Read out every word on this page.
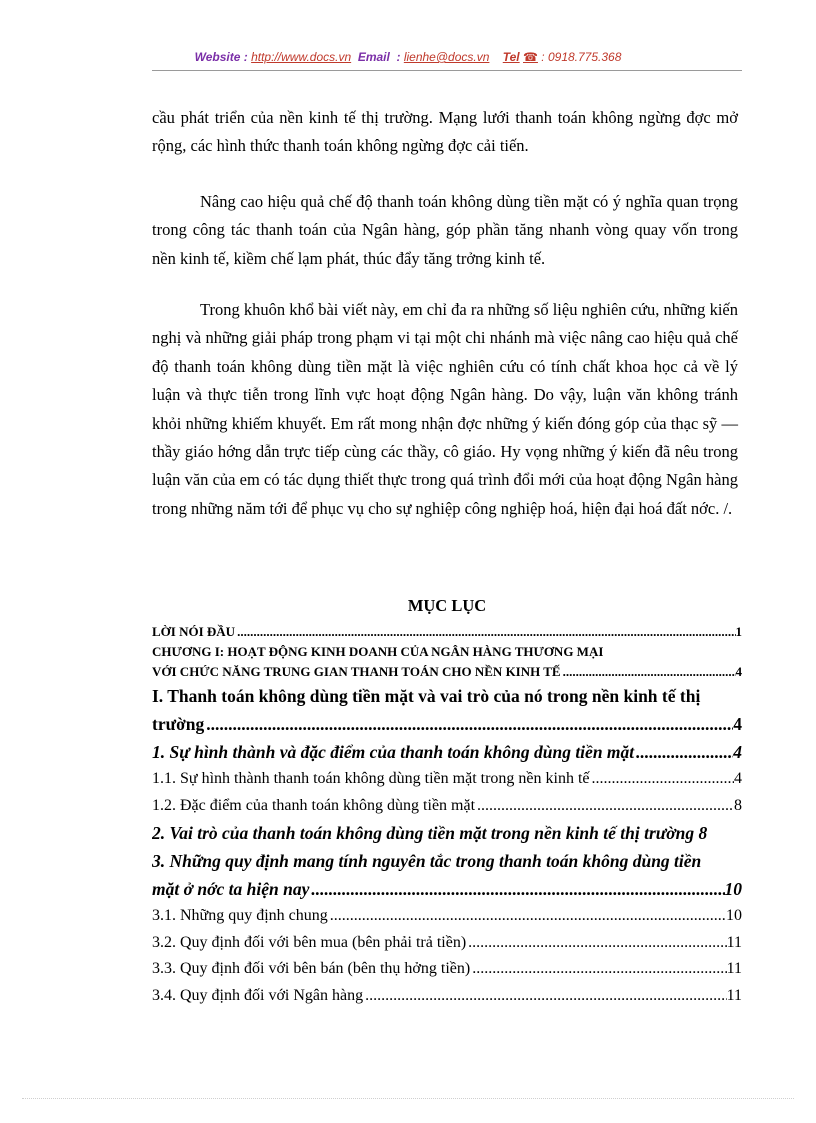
Website : http://www.docs.vn Email  : lienhe@docs.vn Tel ☎ : 0918.775.368
cầu phát triển của nền kinh tế thị trường. Mạng lưới thanh toán không ngừng đợc mở rộng, các hình thức thanh toán không ngừng đợc cải tiến.
Nâng cao hiệu quả chế độ thanh toán không dùng tiền mặt có ý nghĩa quan trọng trong công tác thanh toán của Ngân hàng, góp phần tăng nhanh vòng quay vốn trong nền kinh tế, kiềm chế lạm phát, thúc đẩy tăng trởng kinh tế.
Trong khuôn khổ bài viết này, em chỉ đa ra những số liệu nghiên cứu, những kiến nghị và những giải pháp trong phạm vi tại một chi nhánh mà việc nâng cao hiệu quả chế độ thanh toán không dùng tiền mặt là việc nghiên cứu có tính chất khoa học cả về lý luận và thực tiễn trong lĩnh vực hoạt động Ngân hàng. Do vậy, luận văn không tránh khỏi những khiếm khuyết. Em rất mong nhận đợc những ý kiến đóng góp của thạc sỹ — thầy giáo hớng dẫn trực tiếp cùng các thầy, cô giáo. Hy vọng những ý kiến đã nêu trong luận văn của em có tác dụng thiết thực trong quá trình đổi mới của hoạt động Ngân hàng trong những năm tới để phục vụ cho sự nghiệp công nghiệp hoá, hiện đại hoá đất nớc. /.
MỤC LỤC
LỜI NÓI ĐẦU .....	1
CHƯƠNG I: HOẠT ĐỘNG KINH DOANH CỦA NGÂN HÀNG THƯƠNG MẠI
VỚI CHỨC NĂNG TRUNG GIAN THANH TOÁN CHO NỀN KINH TẾ .....	4
I. Thanh toán không dùng tiền mặt và vai trò của nó trong nền kinh tế thị
trường .....	4
1. Sự hình thành và đặc điểm của thanh toán không dùng tiền mặt .....	4
1.1. Sự hình thành thanh toán không dùng tiền mặt trong nền kinh tế .....	4
1.2. Đặc điểm của thanh toán không dùng tiền mặt .....	8
2. Vai trò của thanh toán không dùng tiền mặt trong nền kinh tế thị trường 8
3. Những quy định mang tính nguyên tắc trong thanh toán không dùng tiền
mặt ở nớc ta hiện nay .....	10
3.1. Những quy định chung .....	10
3.2. Quy định đối với bên mua (bên phải trả tiền) .....	11
3.3. Quy định đối với bên bán (bên thụ hởng tiền) .....	11
3.4. Quy định đối với Ngân hàng .....	11
